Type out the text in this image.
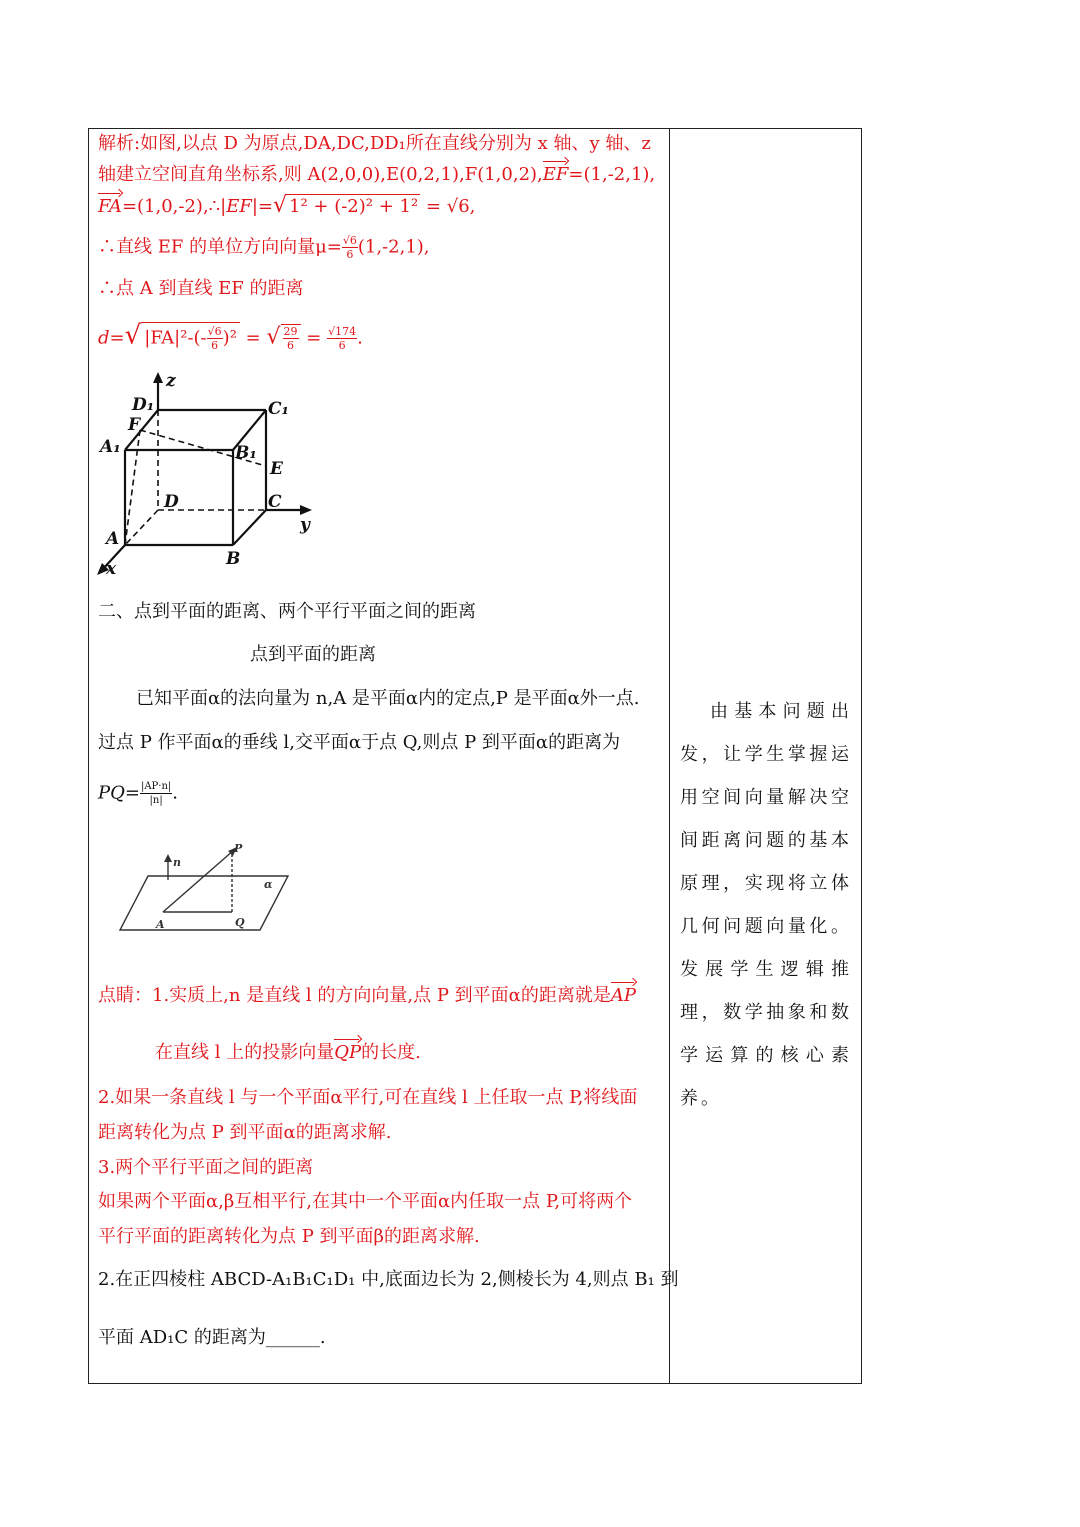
解析:如图,以点 D 为原点,DA,DC,DD₁所在直线分别为 x 轴、y 轴、z
轴建立空间直角坐标系,则 A(2,0,0),E(0,2,1),F(1,0,2),EF=(1,-2,1),
FA=(1,0,-2),∴|EF|=√ 1² + (-2)² + 1² = √6,
∴直线 EF 的单位方向向量$\mu= \frac{√6}{6} (1,-2,1)$,
∴点 A 到直线 EF 的距离
d=√ $|FA|^2-(- \frac{√6}{6} )^2$ = √ $\frac{29}{6} = \frac{√174}{6}$ .
z
D₁	C₁
F
A₁	B₁
E
D	C
y
A
B
x
二、点到平面的距离、两个平行平面之间的距离
点到平面的距离
已知平面α的法向量为 n,A 是平面α内的定点,P 是平面α外一点.
过点 P 作平面α的垂线 l,交平面α于点 Q,则点 P 到平面α的距离为
$PQ= \frac{|AP\cdot n|}{|n|}$ .
n
P
α
A	Q
点睛：1.实质上,n 是直线 l 的方向向量,点 P 到平面α的距离就是AP
在直线 l 上的投影向量QP的长度.
2.如果一条直线 l 与一个平面α平行,可在直线 l 上任取一点 P,将线面
距离转化为点 P 到平面α的距离求解.
3.两个平行平面之间的距离
如果两个平面α,β互相平行,在其中一个平面α内任取一点 P,可将两个
平行平面的距离转化为点 P 到平面β的距离求解.
2.在正四棱柱 ABCD-A₁B₁C₁D₁ 中,底面边长为 2,侧棱长为 4,则点 B₁ 到
平面 AD₁C 的距离为______.

由基本问题出发，让学生掌握运用空间向量解决空间距离问题的基本原理，实现将立体几何问题向量化。发展学生逻辑推理，数学抽象和数学运算的核心素养。
